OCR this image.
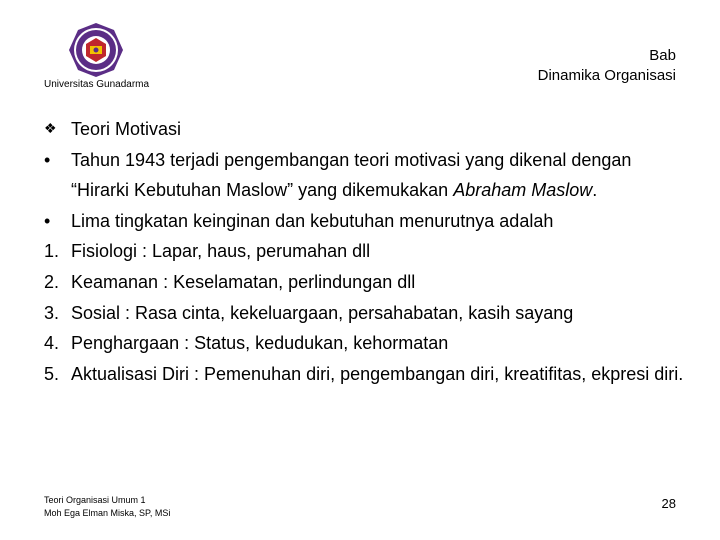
Universitas Gunadarma
Bab
Dinamika Organisasi
❖ Teori Motivasi
•	Tahun 1943 terjadi pengembangan teori motivasi yang dikenal dengan “Hirarki Kebutuhan Maslow” yang dikemukakan Abraham Maslow.
•	Lima tingkatan keinginan dan kebutuhan menurutnya adalah
1. Fisiologi : Lapar, haus, perumahan dll
2. Keamanan : Keselamatan, perlindungan dll
3. Sosial : Rasa cinta, kekeluargaan, persahabatan, kasih sayang
4. Penghargaan : Status, kedudukan, kehormatan
5. Aktualisasi Diri : Pemenuhan diri, pengembangan diri, kreatifitas, ekpresi diri.
Teori Organisasi Umum 1
Moh Ega Elman Miska, SP, MSi
28
